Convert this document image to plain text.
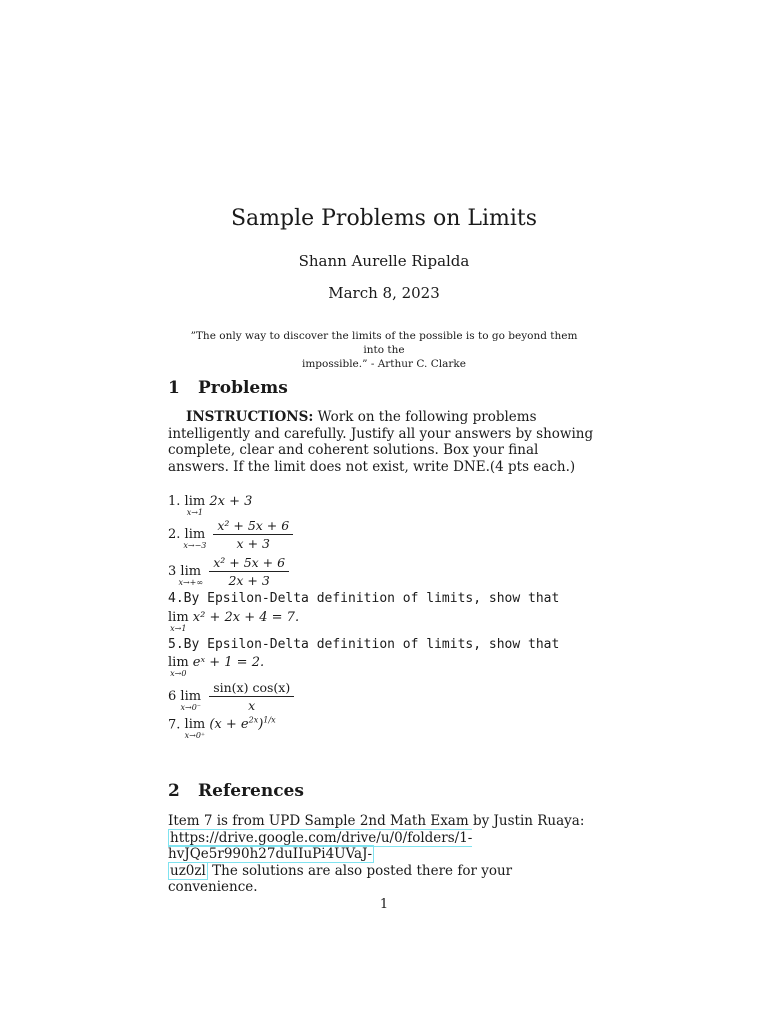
Sample Problems on Limits
Shann Aurelle Ripalda
March 8, 2023
”The only way to discover the limits of the possible is to go beyond them into the
impossible.” - Arthur C. Clarke
1 Problems
INSTRUCTIONS: Work on the following problems intelligently and carefully. Justify all your answers by showing complete, clear and coherent solutions. Box your final answers. If the limit does not exist, write DNE.(4 pts each.)
1. lim
x→1
2x + 3
2. lim
x→−3
$\frac{\text{x² + 5x + 6}}{x + 3}$
3 lim
x→+∞
$\frac{\text{x² + 5x + 6}}{2x + 3}$
4.By Epsilon-Delta definition of limits, show that
lim
x→1
x² + 2x + 4 = 7.
5.By Epsilon-Delta definition of limits, show that
lim
x→0
eˣ + 1 = 2.
6 lim
x→0⁻
$\frac{\sin(x) \cos(x)}{x}$
7. lim
x→0⁺
$(x + e^{2x})^{1/x}$
2 References
Item 7 is from UPD Sample 2nd Math Exam by Justin Ruaya:
https://drive.google.com/drive/u/0/folders/1-hvJQe5r990h27duIIuPi4UVaJ-
uz0zl The solutions are also posted there for your convenience.
1
